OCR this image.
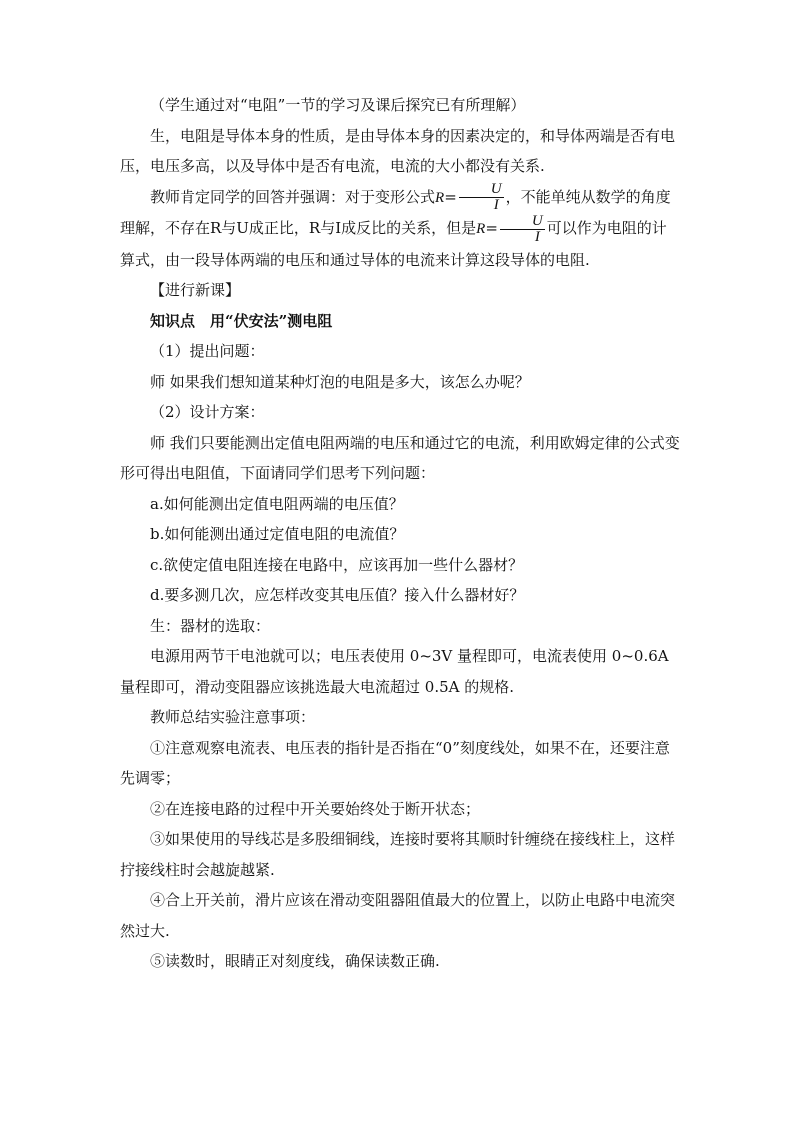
（学生通过对“电阻”一节的学习及课后探究已有所理解）

生，电阻是导体本身的性质，是由导体本身的因素决定的，和导体两端是否有电压，电压多高，以及导体中是否有电流，电流的大小都没有关系.

教师肯定同学的回答并强调：对于变形公式$R= \frac{U}{I}$ ，不能单纯从数学的角度理解，不存在R与U成正比，R与I成反比的关系，但是$R= \frac{U}{I}$ 可以作为电阻的计算式，由一段导体两端的电压和通过导体的电流来计算这段导体的电阻.

【进行新课】

知识点　用“伏安法”测电阻

（1）提出问题：

师 如果我们想知道某种灯泡的电阻是多大，该怎么办呢？

（2）设计方案：

师 我们只要能测出定值电阻两端的电压和通过它的电流，利用欧姆定律的公式变形可得出电阻值，下面请同学们思考下列问题：

a.如何能测出定值电阻两端的电压值？

b.如何能测出通过定值电阻的电流值？

c.欲使定值电阻连接在电路中，应该再加一些什么器材？

d.要多测几次，应怎样改变其电压值？接入什么器材好？

生：器材的选取：

电源用两节干电池就可以；电压表使用 0~3V 量程即可，电流表使用 0~0.6A 量程即可，滑动变阻器应该挑选最大电流超过 0.5A 的规格.

教师总结实验注意事项：

①注意观察电流表、电压表的指针是否指在“0”刻度线处，如果不在，还要注意先调零；

②在连接电路的过程中开关要始终处于断开状态；

③如果使用的导线芯是多股细铜线，连接时要将其顺时针缠绕在接线柱上，这样拧接线柱时会越旋越紧.

④合上开关前，滑片应该在滑动变阻器阻值最大的位置上，以防止电路中电流突然过大.

⑤读数时，眼睛正对刻度线，确保读数正确.
